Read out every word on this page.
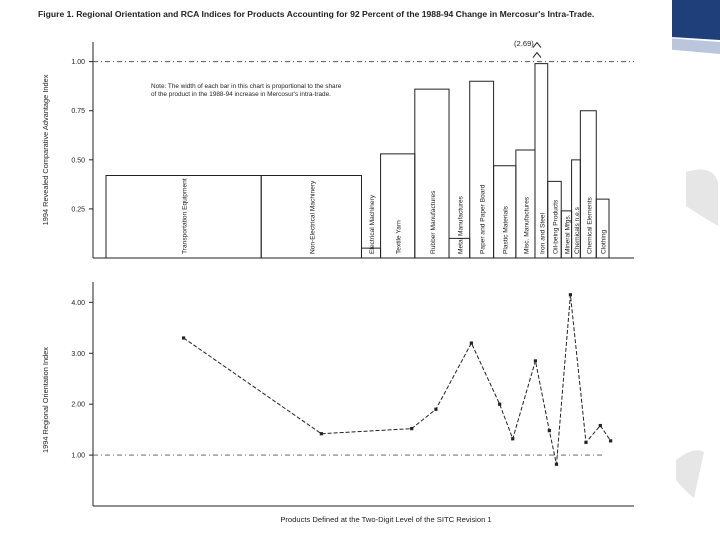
Figure 1. Regional Orientation and RCA Indices for Products Accounting for 92 Percent of the 1988-94 Change in Mercosur's Intra-Trade.
1994 Revealed Comparative Advantage Index	Note: The width of each bar in this chart is proportional to the share of the product in the 1988-94 increase in Mercosur's intra-trade.
(2.69)
0.25
0.50
0.75
1.00
Transportation Equipment	Non-Electrical Machinery	Electrical Machinery	Textile Yarn	Rubber Manufactures	Metal Manufactures Paper and Paper Board Plastic Materials Misc. Manufactures Iron and Steel Oil-being Products Mineral Mfgs. Chemicals n.e.s Chemical Elements Clothing
1994 Regional Orientation Index
1.00
2.00
3.00
4.00
Products Defined at the Two-Digit Level of the SITC Revision 1
